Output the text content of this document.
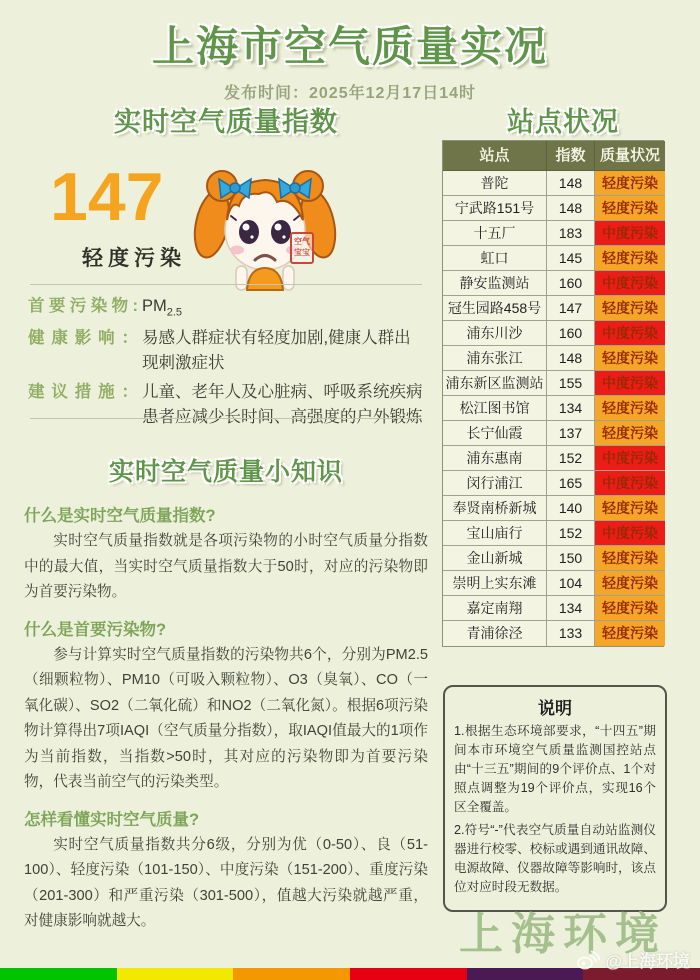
上海市空气质量实况
发布时间：2025年12月17日14时
实时空气质量指数
147
轻度污染
空气
宝宝
首要污染物: $PM_{2.5}$
健康影响： 易感人群症状有轻度加剧,健康人群出现刺激症状
建议措施： 儿童、老年人及心脏病、呼吸系统疾病患者应减少长时间、高强度的户外锻炼
实时空气质量小知识
什么是实时空气质量指数?
实时空气质量指数就是各项污染物的小时空气质量分指数中的最大值，当实时空气质量指数大于50时，对应的污染物即为首要污染物。
什么是首要污染物?
参与计算实时空气质量指数的污染物共6个，分别为PM2.5（细颗粒物）、PM10（可吸入颗粒物）、O3（臭氧）、CO（一氧化碳）、SO2（二氧化硫）和NO2（二氧化氮）。根据6项污染物计算得出7项IAQI（空气质量分指数），取IAQI值最大的1项作为当前指数，当指数>50时，其对应的污染物即为首要污染物，代表当前空气的污染类型。
怎样看懂实时空气质量?
实时空气质量指数共分6级，分别为优（0-50）、良（51-100）、轻度污染（101-150）、中度污染（151-200）、重度污染（201-300）和严重污染（301-500），值越大污染就越严重，对健康影响就越大。
站点状况
站点	指数 质量状况
普陀	148	轻度污染
宁武路151号	148	轻度污染
十五厂	183	中度污染
虹口	145	轻度污染
静安监测站	160	中度污染
冠生园路458号	147	轻度污染
浦东川沙	160	中度污染
浦东张江	148	轻度污染
浦东新区监测站	155	中度污染
松江图书馆	134	轻度污染
长宁仙霞	137	轻度污染
浦东惠南	152	中度污染
闵行浦江	165	中度污染
奉贤南桥新城	140	轻度污染
宝山庙行	152	中度污染
金山新城	150	轻度污染
崇明上实东滩	104	轻度污染
嘉定南翔	134	轻度污染
青浦徐泾	133	轻度污染
说明
1.根据生态环境部要求，“十四五”期间本市环境空气质量监测国控站点由“十三五”期间的9个评价点、1个对照点调整为19个评价点，实现16个区全覆盖。
2.符号“-”代表空气质量自动站监测仪器进行校零、校标或遇到通讯故障、电源故障、仪器故障等影响时，该点位对应时段无数据。
上海环境
@上海环境
